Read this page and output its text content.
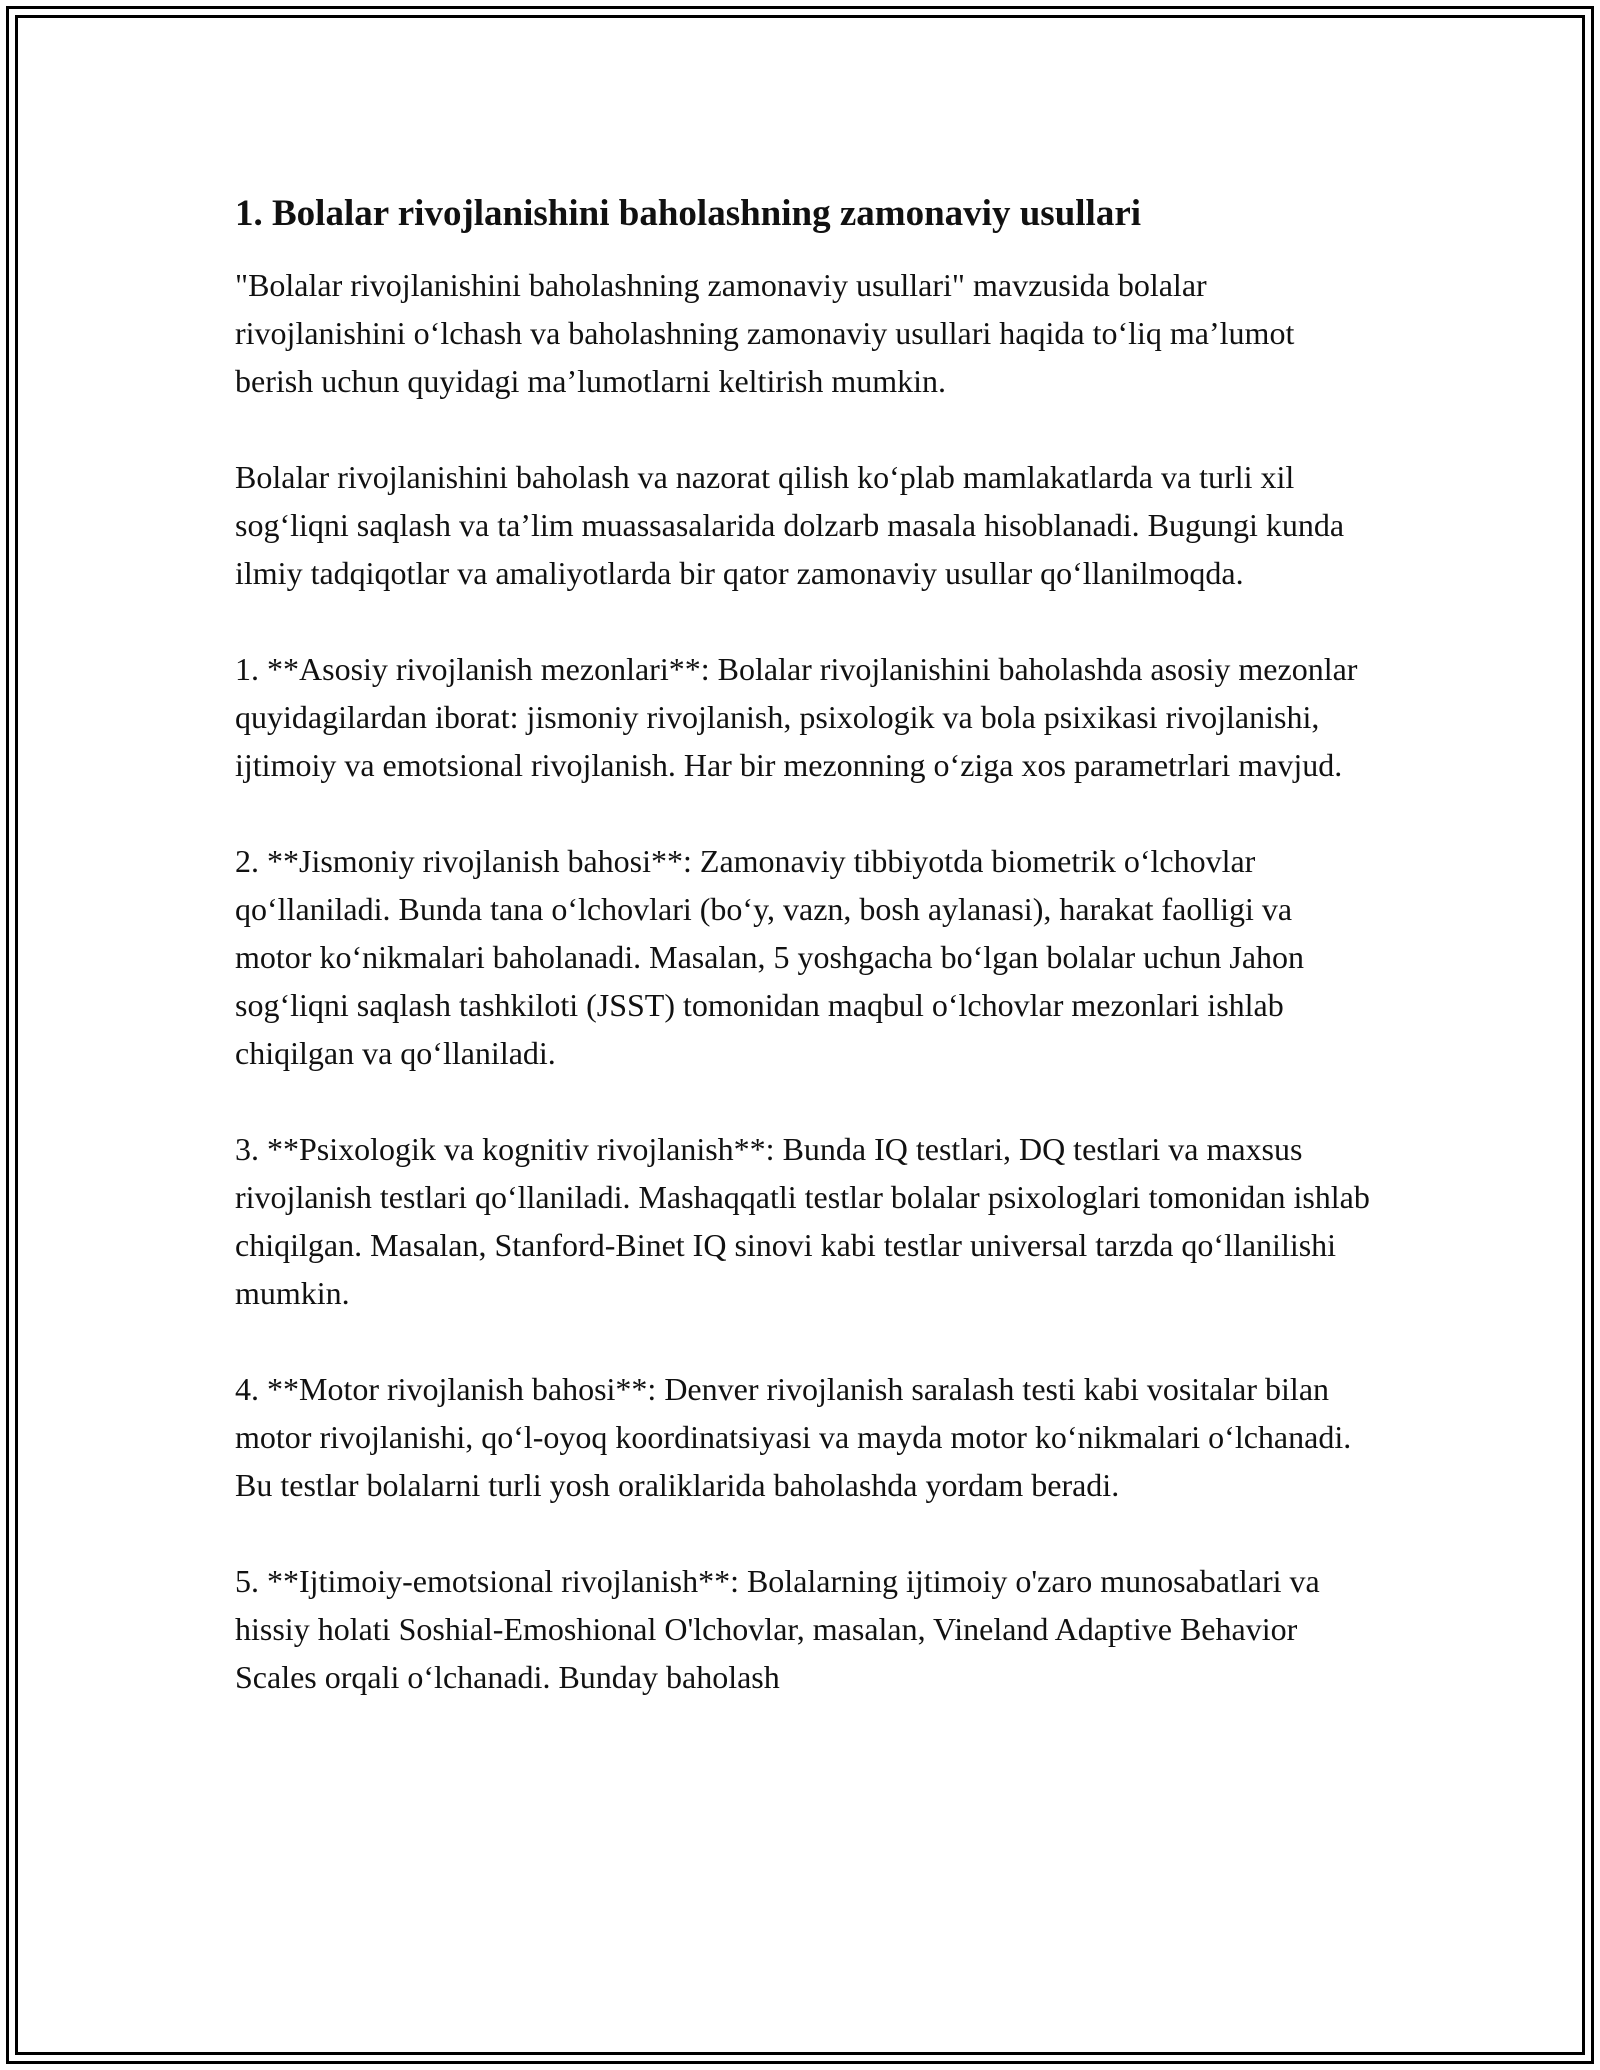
1. Bolalar rivojlanishini baholashning zamonaviy usullari

"Bolalar rivojlanishini baholashning zamonaviy usullari" mavzusida bolalar rivojlanishini o‘lchash va baholashning zamonaviy usullari haqida to‘liq ma’lumot berish uchun quyidagi ma’lumotlarni keltirish mumkin.

Bolalar rivojlanishini baholash va nazorat qilish ko‘plab mamlakatlarda va turli xil sog‘liqni saqlash va ta’lim muassasalarida dolzarb masala hisoblanadi. Bugungi kunda ilmiy tadqiqotlar va amaliyotlarda bir qator zamonaviy usullar qo‘llanilmoqda.

1. **Asosiy rivojlanish mezonlari**: Bolalar rivojlanishini baholashda asosiy mezonlar quyidagilardan iborat: jismoniy rivojlanish, psixologik va bola psixikasi rivojlanishi, ijtimoiy va emotsional rivojlanish. Har bir mezonning o‘ziga xos parametrlari mavjud.

2. **Jismoniy rivojlanish bahosi**: Zamonaviy tibbiyotda biometrik o‘lchovlar qo‘llaniladi. Bunda tana o‘lchovlari (bo‘y, vazn, bosh aylanasi), harakat faolligi va motor ko‘nikmalari baholanadi. Masalan, 5 yoshgacha bo‘lgan bolalar uchun Jahon sog‘liqni saqlash tashkiloti (JSST) tomonidan maqbul o‘lchovlar mezonlari ishlab chiqilgan va qo‘llaniladi.

3. **Psixologik va kognitiv rivojlanish**: Bunda IQ testlari, DQ testlari va maxsus rivojlanish testlari qo‘llaniladi. Mashaqqatli testlar bolalar psixologlari tomonidan ishlab chiqilgan. Masalan, Stanford-Binet IQ sinovi kabi testlar universal tarzda qo‘llanilishi mumkin.

4. **Motor rivojlanish bahosi**: Denver rivojlanish saralash testi kabi vositalar bilan motor rivojlanishi, qo‘l-oyoq koordinatsiyasi va mayda motor ko‘nikmalari o‘lchanadi. Bu testlar bolalarni turli yosh oraliklarida baholashda yordam beradi.

5. **Ijtimoiy-emotsional rivojlanish**: Bolalarning ijtimoiy o'zaro munosabatlari va hissiy holati Soshial-Emoshional O'lchovlar, masalan, Vineland Adaptive Behavior Scales orqali o‘lchanadi. Bunday baholash
